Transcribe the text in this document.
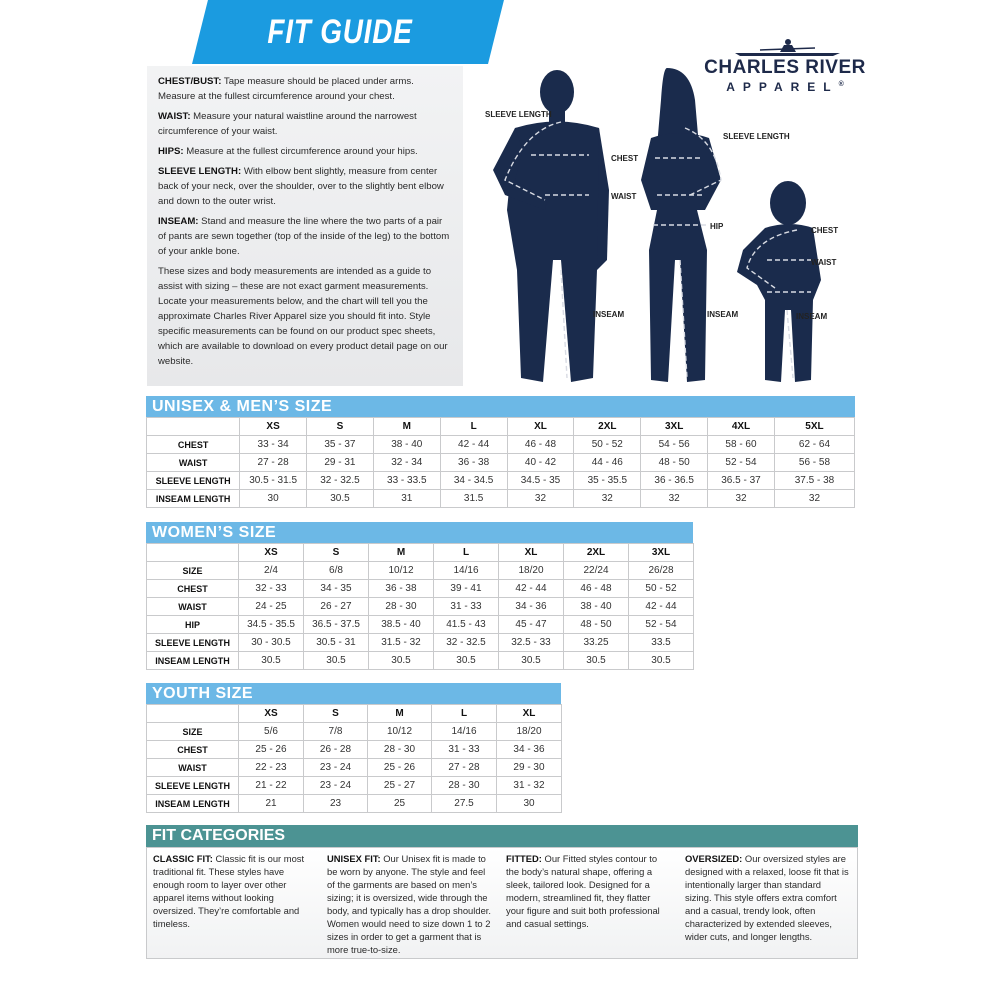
FIT GUIDE

CHEST/BUST: Tape measure should be placed under arms. Measure at the fullest circumference around your chest.

WAIST: Measure your natural waistline around the narrowest circumference of your waist.

HIPS: Measure at the fullest circumference around your hips.

SLEEVE LENGTH: With elbow bent slightly, measure from center back of your neck, over the shoulder, over to the slightly bent elbow and down to the outer wrist.

INSEAM: Stand and measure the line where the two parts of a pair of pants are sewn together (top of the inside of the leg) to the bottom of your ankle bone.

These sizes and body measurements are intended as a guide to assist with sizing – these are not exact garment measurements. Locate your measurements below, and the chart will tell you the approximate Charles River Apparel size you should fit into. Style specific measurements can be found on our product spec sheets, which are available to download on every product detail page on our website.

CHARLES RIVER
APPAREL®
SLEEVE LENGTH
CHEST
WAIST
INSEAM
SLEEVE LENGTH
HIP
INSEAM
CHEST
WAIST
INSEAM
UNISEX & MEN’S SIZE
	XS	S	M	L	XL	2XL	3XL	4XL	5XL
CHEST	33 - 34	35 - 37	38 - 40	42 - 44	46 - 48	50 - 52	54 - 56	58 - 60	62 - 64
WAIST	27 - 28	29 - 31	32 - 34	36 - 38	40 - 42	44 - 46	48 - 50	52 - 54	56 - 58
SLEEVE LENGTH	30.5 - 31.5	32 - 32.5	33 - 33.5	34 - 34.5	34.5 - 35	35 - 35.5	36 - 36.5	36.5 - 37	37.5 - 38
INSEAM LENGTH	30	30.5	31	31.5	32	32	32	32	32
WOMEN’S SIZE
	XS	S	M	L	XL	2XL	3XL
SIZE	2/4	6/8	10/12	14/16	18/20	22/24	26/28
CHEST	32 - 33	34 - 35	36 - 38	39 - 41	42 - 44	46 - 48	50 - 52
WAIST	24 - 25	26 - 27	28 - 30	31 - 33	34 - 36	38 - 40	42 - 44
HIP	34.5 - 35.5	36.5 - 37.5	38.5 - 40	41.5 - 43	45 - 47	48 - 50	52 - 54
SLEEVE LENGTH	30 - 30.5	30.5 - 31	31.5 - 32	32 - 32.5	32.5 - 33	33.25	33.5
INSEAM LENGTH	30.5	30.5	30.5	30.5	30.5	30.5	30.5
YOUTH SIZE
	XS	S	M	L	XL
SIZE	5/6	7/8	10/12	14/16	18/20
CHEST	25 - 26	26 - 28	28 - 30	31 - 33	34 - 36
WAIST	22 - 23	23 - 24	25 - 26	27 - 28	29 - 30
SLEEVE LENGTH	21 - 22	23 - 24	25 - 27	28 - 30	31 - 32
INSEAM LENGTH	21	23	25	27.5	30
FIT CATEGORIES
CLASSIC FIT: Classic fit is our most traditional fit. These styles have enough room to layer over other apparel items without looking oversized. They’re comfortable and timeless.
UNISEX FIT: Our Unisex fit is made to be worn by anyone. The style and feel of the garments are based on men’s sizing; it is oversized, wide through the body, and typically has a drop shoulder. Women would need to size down 1 to 2 sizes in order to get a garment that is more true-to-size.
FITTED: Our Fitted styles contour to the body’s natural shape, offering a sleek, tailored look. Designed for a modern, streamlined fit, they flatter your figure and suit both professional and casual settings.
OVERSIZED: Our oversized styles are designed with a relaxed, loose fit that is intentionally larger than standard sizing. This style offers extra comfort and a casual, trendy look, often characterized by extended sleeves, wider cuts, and longer lengths.
